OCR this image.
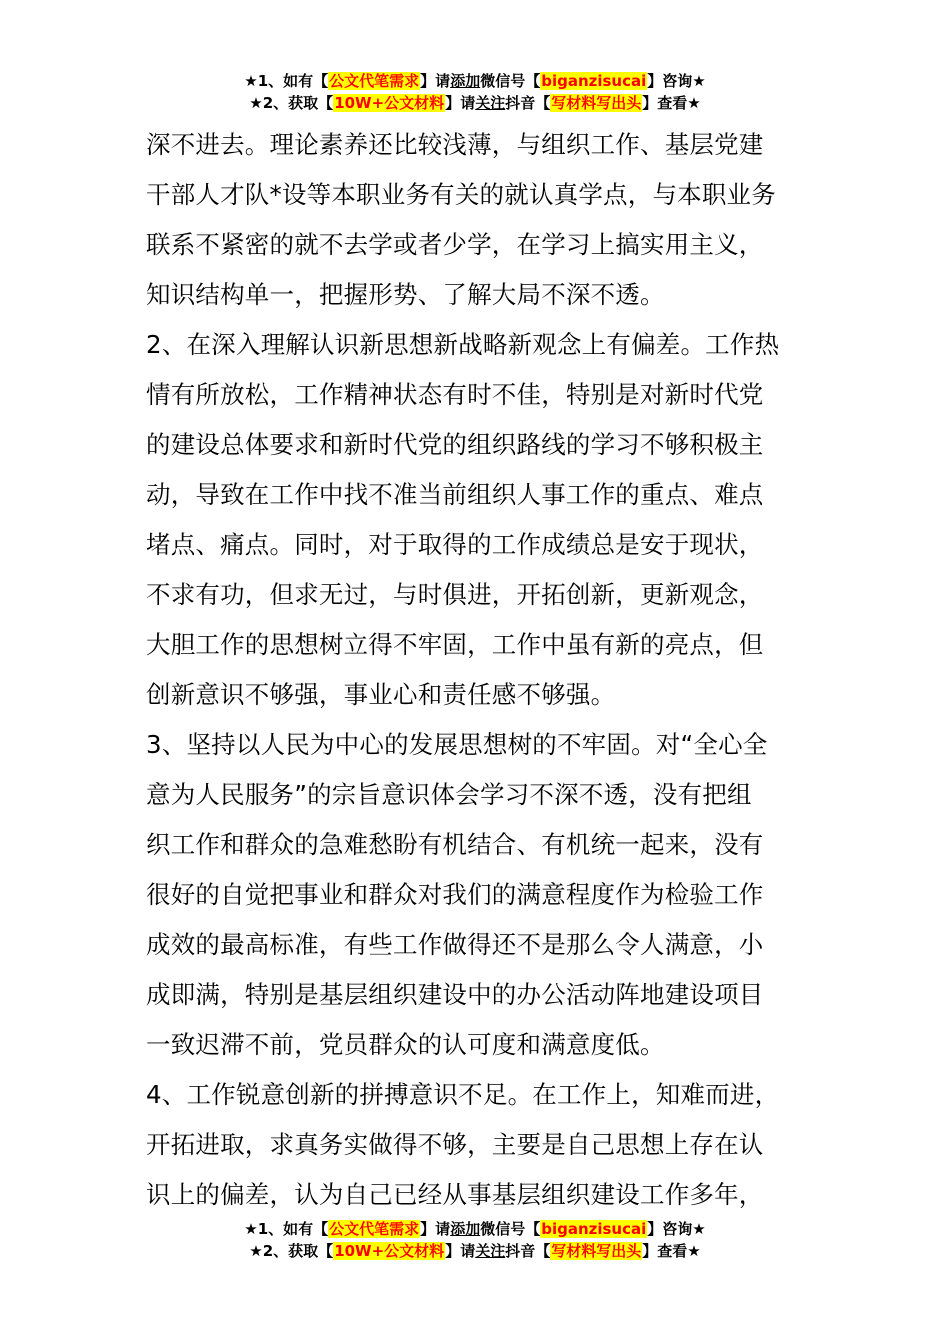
★1、如有【公文代笔需求】请添加微信号【biganzisucai】咨询★
★2、获取【10W+公文材料】请关注抖音【写材料写出头】查看★
深不进去。理论素养还比较浅薄，与组织工作、基层党建
干部人才队*设等本职业务有关的就认真学点，与本职业务
联系不紧密的就不去学或者少学，在学习上搞实用主义，
知识结构单一，把握形势、了解大局不深不透。
2、在深入理解认识新思想新战略新观念上有偏差。工作热
情有所放松，工作精神状态有时不佳，特别是对新时代党
的建设总体要求和新时代党的组织路线的学习不够积极主
动，导致在工作中找不准当前组织人事工作的重点、难点
堵点、痛点。同时，对于取得的工作成绩总是安于现状，
不求有功，但求无过，与时俱进，开拓创新，更新观念，
大胆工作的思想树立得不牢固，工作中虽有新的亮点，但
创新意识不够强，事业心和责任感不够强。
3、坚持以人民为中心的发展思想树的不牢固。对“全心全
意为人民服务”的宗旨意识体会学习不深不透，没有把组
织工作和群众的急难愁盼有机结合、有机统一起来，没有
很好的自觉把事业和群众对我们的满意程度作为检验工作
成效的最高标准，有些工作做得还不是那么令人满意，小
成即满，特别是基层组织建设中的办公活动阵地建设项目
一致迟滞不前，党员群众的认可度和满意度低。
4、工作锐意创新的拼搏意识不足。在工作上，知难而进，
开拓进取，求真务实做得不够，主要是自己思想上存在认
识上的偏差，认为自己已经从事基层组织建设工作多年，
★1、如有【公文代笔需求】请添加微信号【biganzisucai】咨询★
★2、获取【10W+公文材料】请关注抖音【写材料写出头】查看★
